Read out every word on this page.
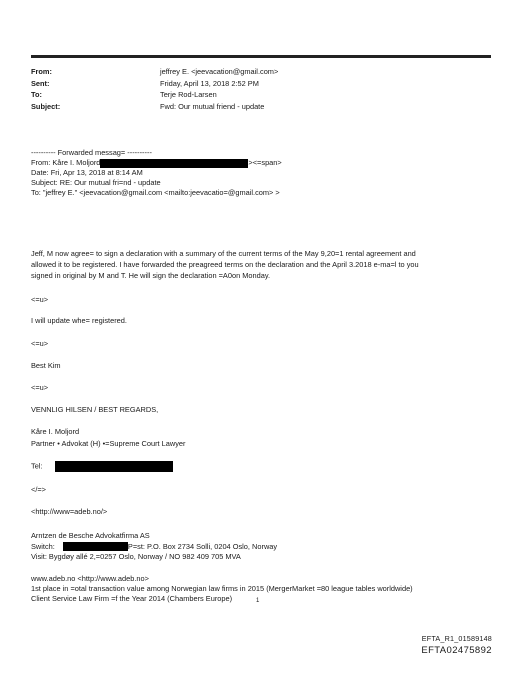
From:	jeffrey E. <jeevacation@gmail.com>
Sent:	Friday, April 13, 2018 2:52 PM
To:	Terje Rod-Larsen
Subject:	Fwd: Our mutual friend - update
---------- Forwarded messag= ----------
From: Kåre I. Moljord	><=span>
Date: Fri, Apr 13, 2018 at 8:14 AM
Subject: RE: Our mutual fri=nd - update
To: "jeffrey E." <jeevacation@gmail.com <mailto:jeevacatio=@gmail.com> >
Jeff, M now agree= to sign a declaration with a summary of the current terms of the May 9,20=1 rental agreement and
allowed it to be registered. I have forwarded the preagreed terms on the declaration and the April 3.2018 e-ma=l to you
signed in original by M and T. He will sign the declaration =A0on Monday.
<=u>
I will update whe= registered.
<=u>
Best Kim
<=u>
VENNLIG HILSEN / BEST REGARDS,
Kåre I. Moljord
Partner • Advokat (H) •=Supreme Court Lawyer
Tel:
</=>
<http://www=adeb.no/>
Arntzen de Besche Advokatfirma AS
Switch:	P=st: P.O. Box 2734 Solli, 0204 Oslo, Norway
Visit: Bygdøy allé 2,=0257 Oslo, Norway / NO 982 409 705 MVA
www.adeb.no <http://www.adeb.no>
1st place in =otal transaction value among Norwegian law firms in 2015 (MergerMarket =80 league tables worldwide)
Client Service Law Firm =f the Year 2014 (Chambers Europe)	1
EFTA_R1_01589148
EFTA02475892
